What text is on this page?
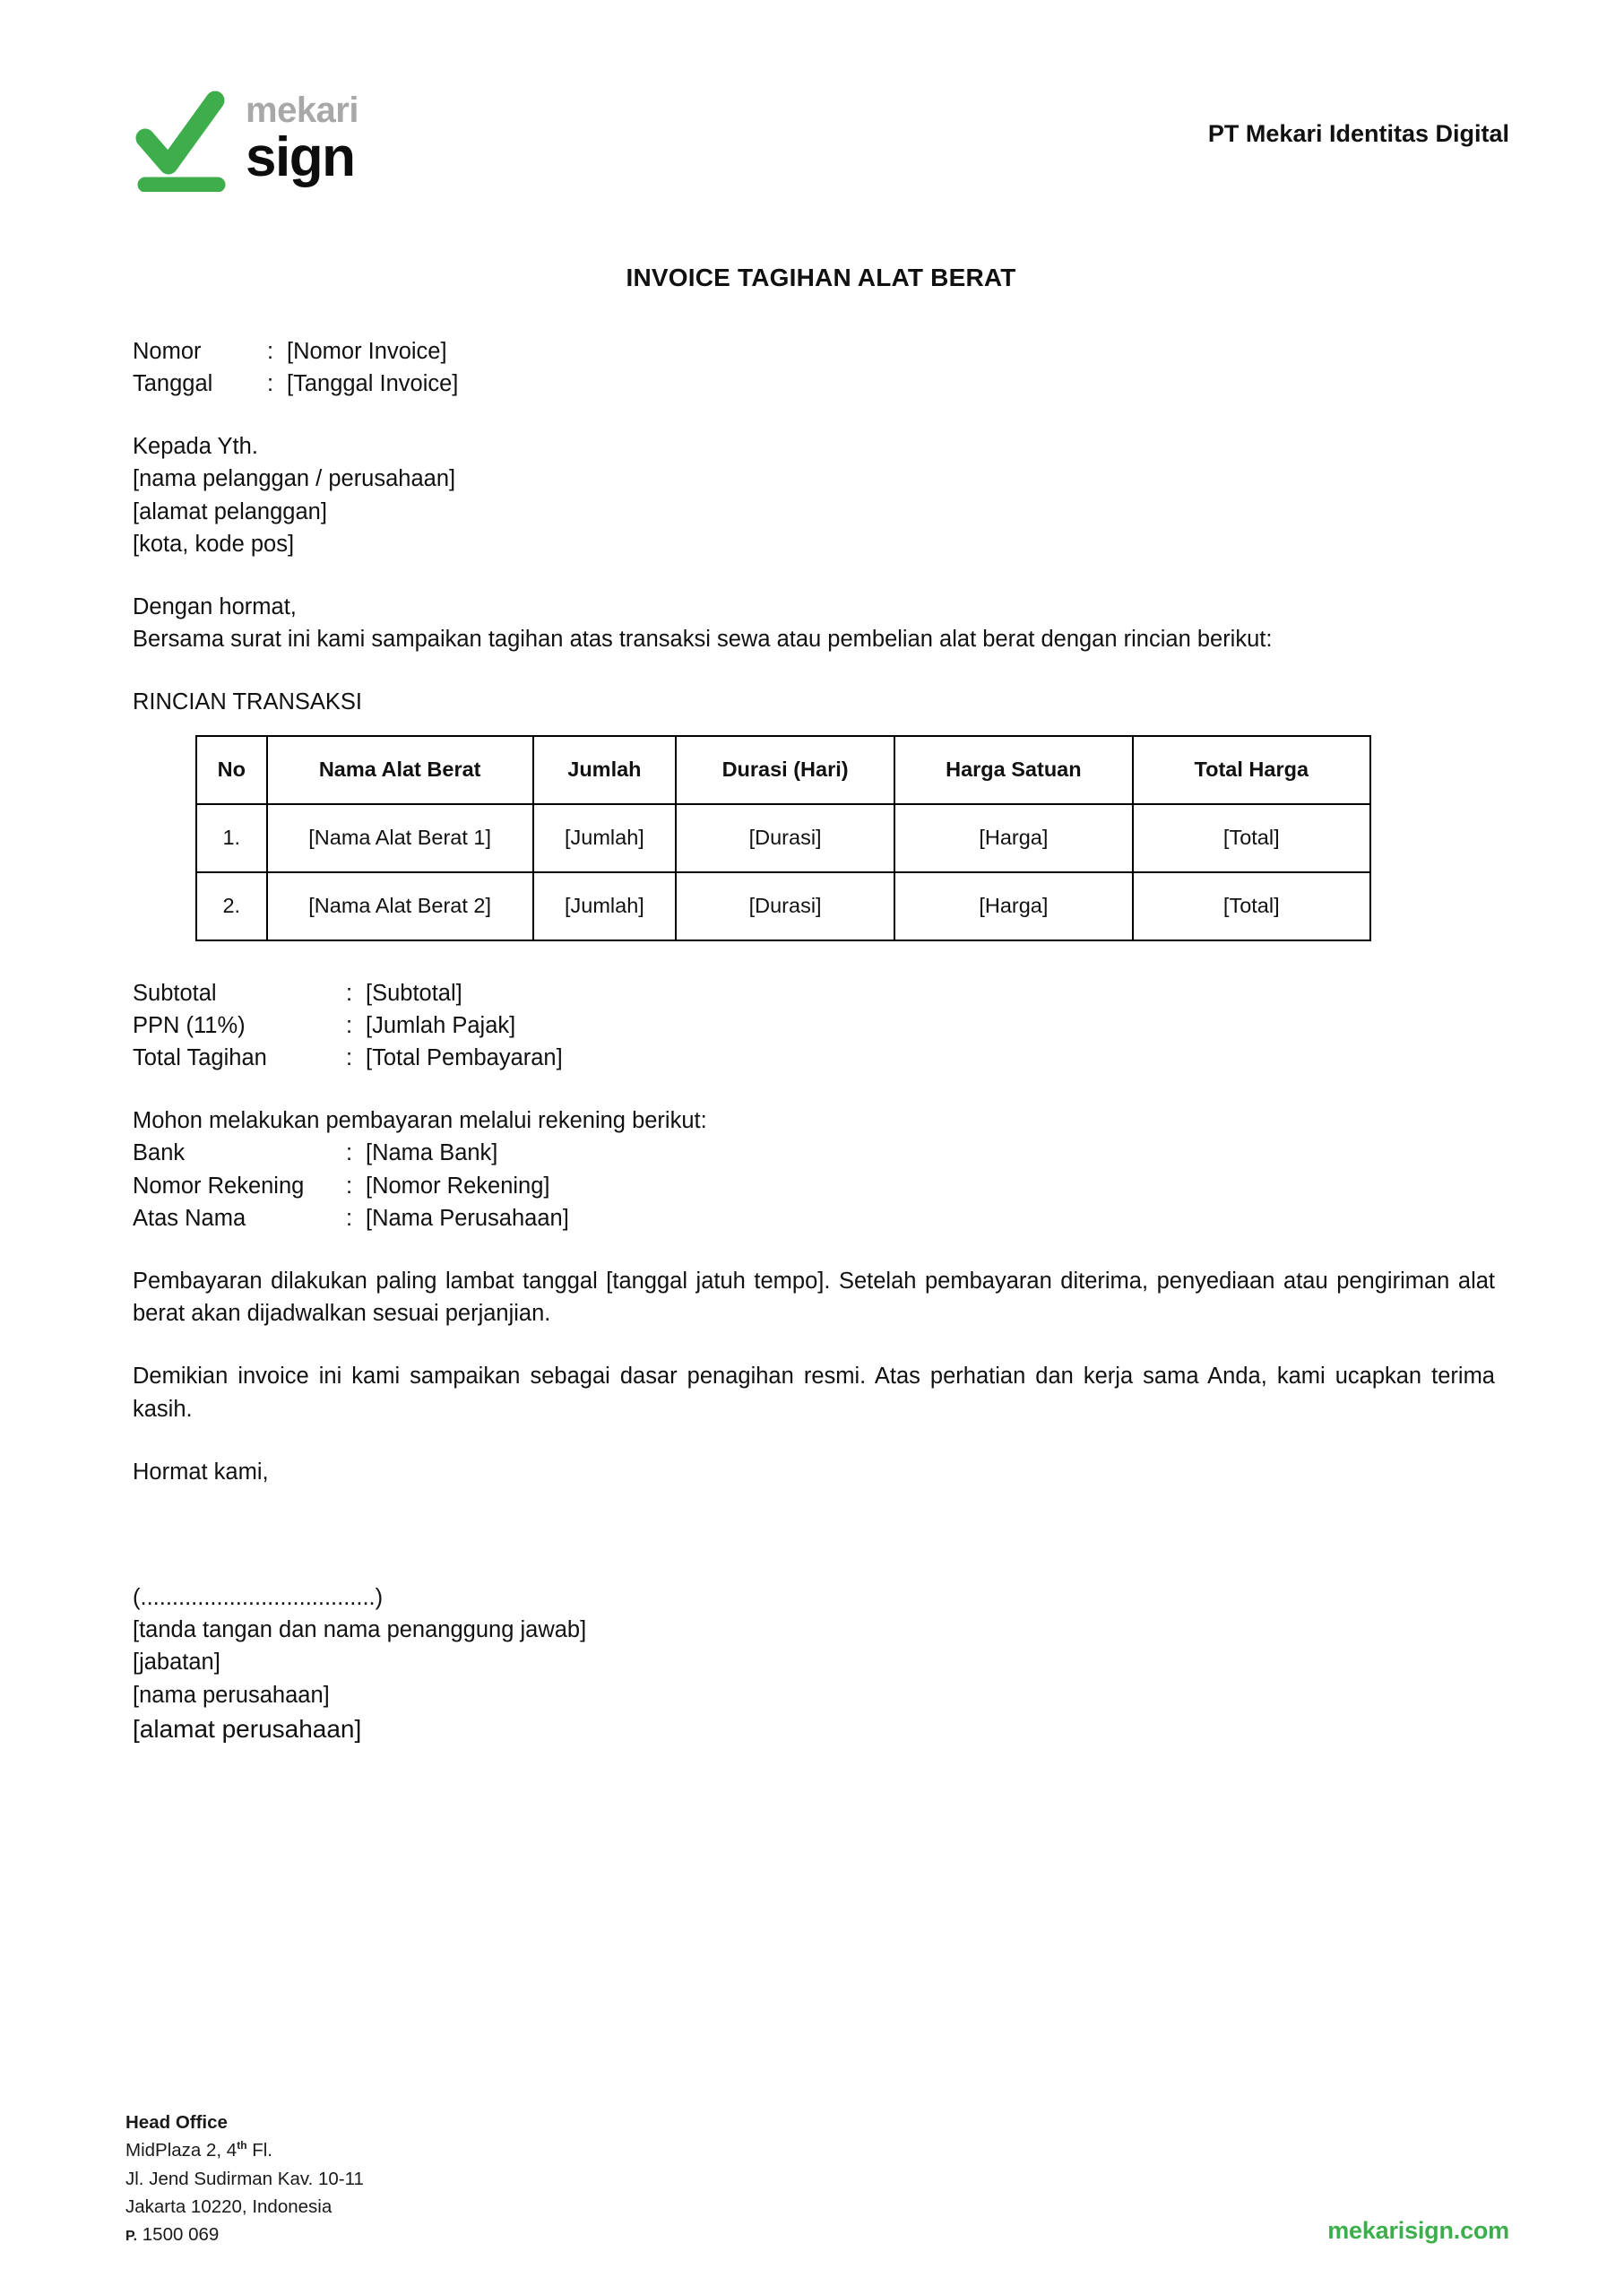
mekari
sign	PT Mekari Identitas Digital
INVOICE TAGIHAN ALAT BERAT
Nomor	: [Nomor Invoice]
Tanggal	: [Tanggal Invoice]
Kepada Yth.
[nama pelanggan / perusahaan]
[alamat pelanggan]
[kota, kode pos]
Dengan hormat,
Bersama surat ini kami sampaikan tagihan atas transaksi sewa atau pembelian alat berat dengan rincian berikut:
RINCIAN TRANSAKSI
No	Nama Alat Berat	Jumlah	Durasi (Hari)	Harga Satuan	Total Harga
1.	[Nama Alat Berat 1]	[Jumlah]	[Durasi]	[Harga]	[Total]
2.	[Nama Alat Berat 2]	[Jumlah]	[Durasi]	[Harga]	[Total]
Subtotal	: [Subtotal]
PPN (11%)	: [Jumlah Pajak]
Total Tagihan	: [Total Pembayaran]
Mohon melakukan pembayaran melalui rekening berikut:
Bank	: [Nama Bank]
Nomor Rekening	: [Nomor Rekening]
Atas Nama	: [Nama Perusahaan]
Pembayaran dilakukan paling lambat tanggal [tanggal jatuh tempo]. Setelah pembayaran diterima, penyediaan atau pengiriman alat berat akan dijadwalkan sesuai perjanjian.
Demikian invoice ini kami sampaikan sebagai dasar penagihan resmi. Atas perhatian dan kerja sama Anda, kami ucapkan terima kasih.
Hormat kami,
(.....................................)
[tanda tangan dan nama penanggung jawab]
[jabatan]
[nama perusahaan]
[alamat perusahaan]
Head Office
MidPlaza 2, 4th Fl.
Jl. Jend Sudirman Kav. 10-11
Jakarta 10220, Indonesia
P. 1500 069	mekarisign.com
